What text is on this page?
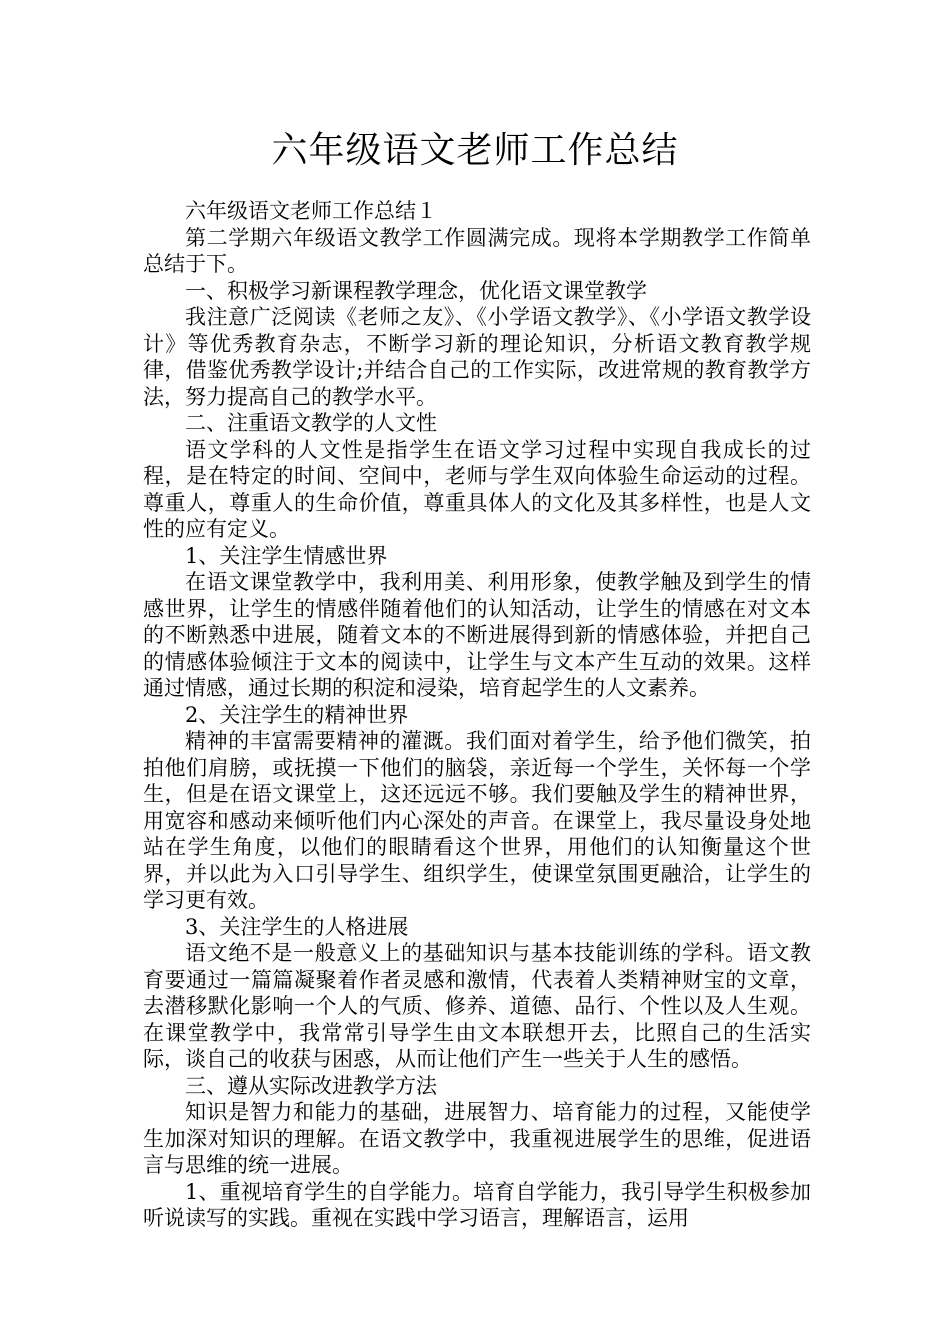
六年级语文老师工作总结

六年级语文老师工作总结１

第二学期六年级语文教学工作圆满完成。现将本学期教学工作简单总结于下。

一、积极学习新课程教学理念，优化语文课堂教学

我注意广泛阅读《老师之友》、《小学语文教学》、《小学语文教学设计》等优秀教育杂志，不断学习新的理论知识，分析语文教育教学规律，借鉴优秀教学设计;并结合自己的工作实际，改进常规的教育教学方法，努力提高自己的教学水平。

二、注重语文教学的人文性

语文学科的人文性是指学生在语文学习过程中实现自我成长的过程，是在特定的时间、空间中，老师与学生双向体验生命运动的过程。尊重人，尊重人的生命价值，尊重具体人的文化及其多样性，也是人文性的应有定义。

1、关注学生情感世界

在语文课堂教学中，我利用美、利用形象，使教学触及到学生的情感世界，让学生的情感伴随着他们的认知活动，让学生的情感在对文本的不断熟悉中进展，随着文本的不断进展得到新的情感体验，并把自己的情感体验倾注于文本的阅读中，让学生与文本产生互动的效果。这样通过情感，通过长期的积淀和浸染，培育起学生的人文素养。

2、关注学生的精神世界

精神的丰富需要精神的灌溉。我们面对着学生，给予他们微笑，拍拍他们肩膀，或抚摸一下他们的脑袋，亲近每一个学生，关怀每一个学生，但是在语文课堂上，这还远远不够。我们要触及学生的精神世界，用宽容和感动来倾听他们内心深处的声音。在课堂上，我尽量设身处地站在学生角度，以他们的眼睛看这个世界，用他们的认知衡量这个世界，并以此为入口引导学生、组织学生，使课堂氛围更融洽，让学生的学习更有效。

3、关注学生的人格进展

语文绝不是一般意义上的基础知识与基本技能训练的学科。语文教育要通过一篇篇凝聚着作者灵感和激情，代表着人类精神财宝的文章，去潜移默化影响一个人的气质、修养、道德、品行、个性以及人生观。在课堂教学中，我常常引导学生由文本联想开去，比照自己的生活实际，谈自己的收获与困惑，从而让他们产生一些关于人生的感悟。

三、遵从实际改进教学方法

知识是智力和能力的基础，进展智力、培育能力的过程，又能使学生加深对知识的理解。在语文教学中，我重视进展学生的思维，促进语言与思维的统一进展。

1、重视培育学生的自学能力。培育自学能力，我引导学生积极参加听说读写的实践。重视在实践中学习语言，理解语言，运用
